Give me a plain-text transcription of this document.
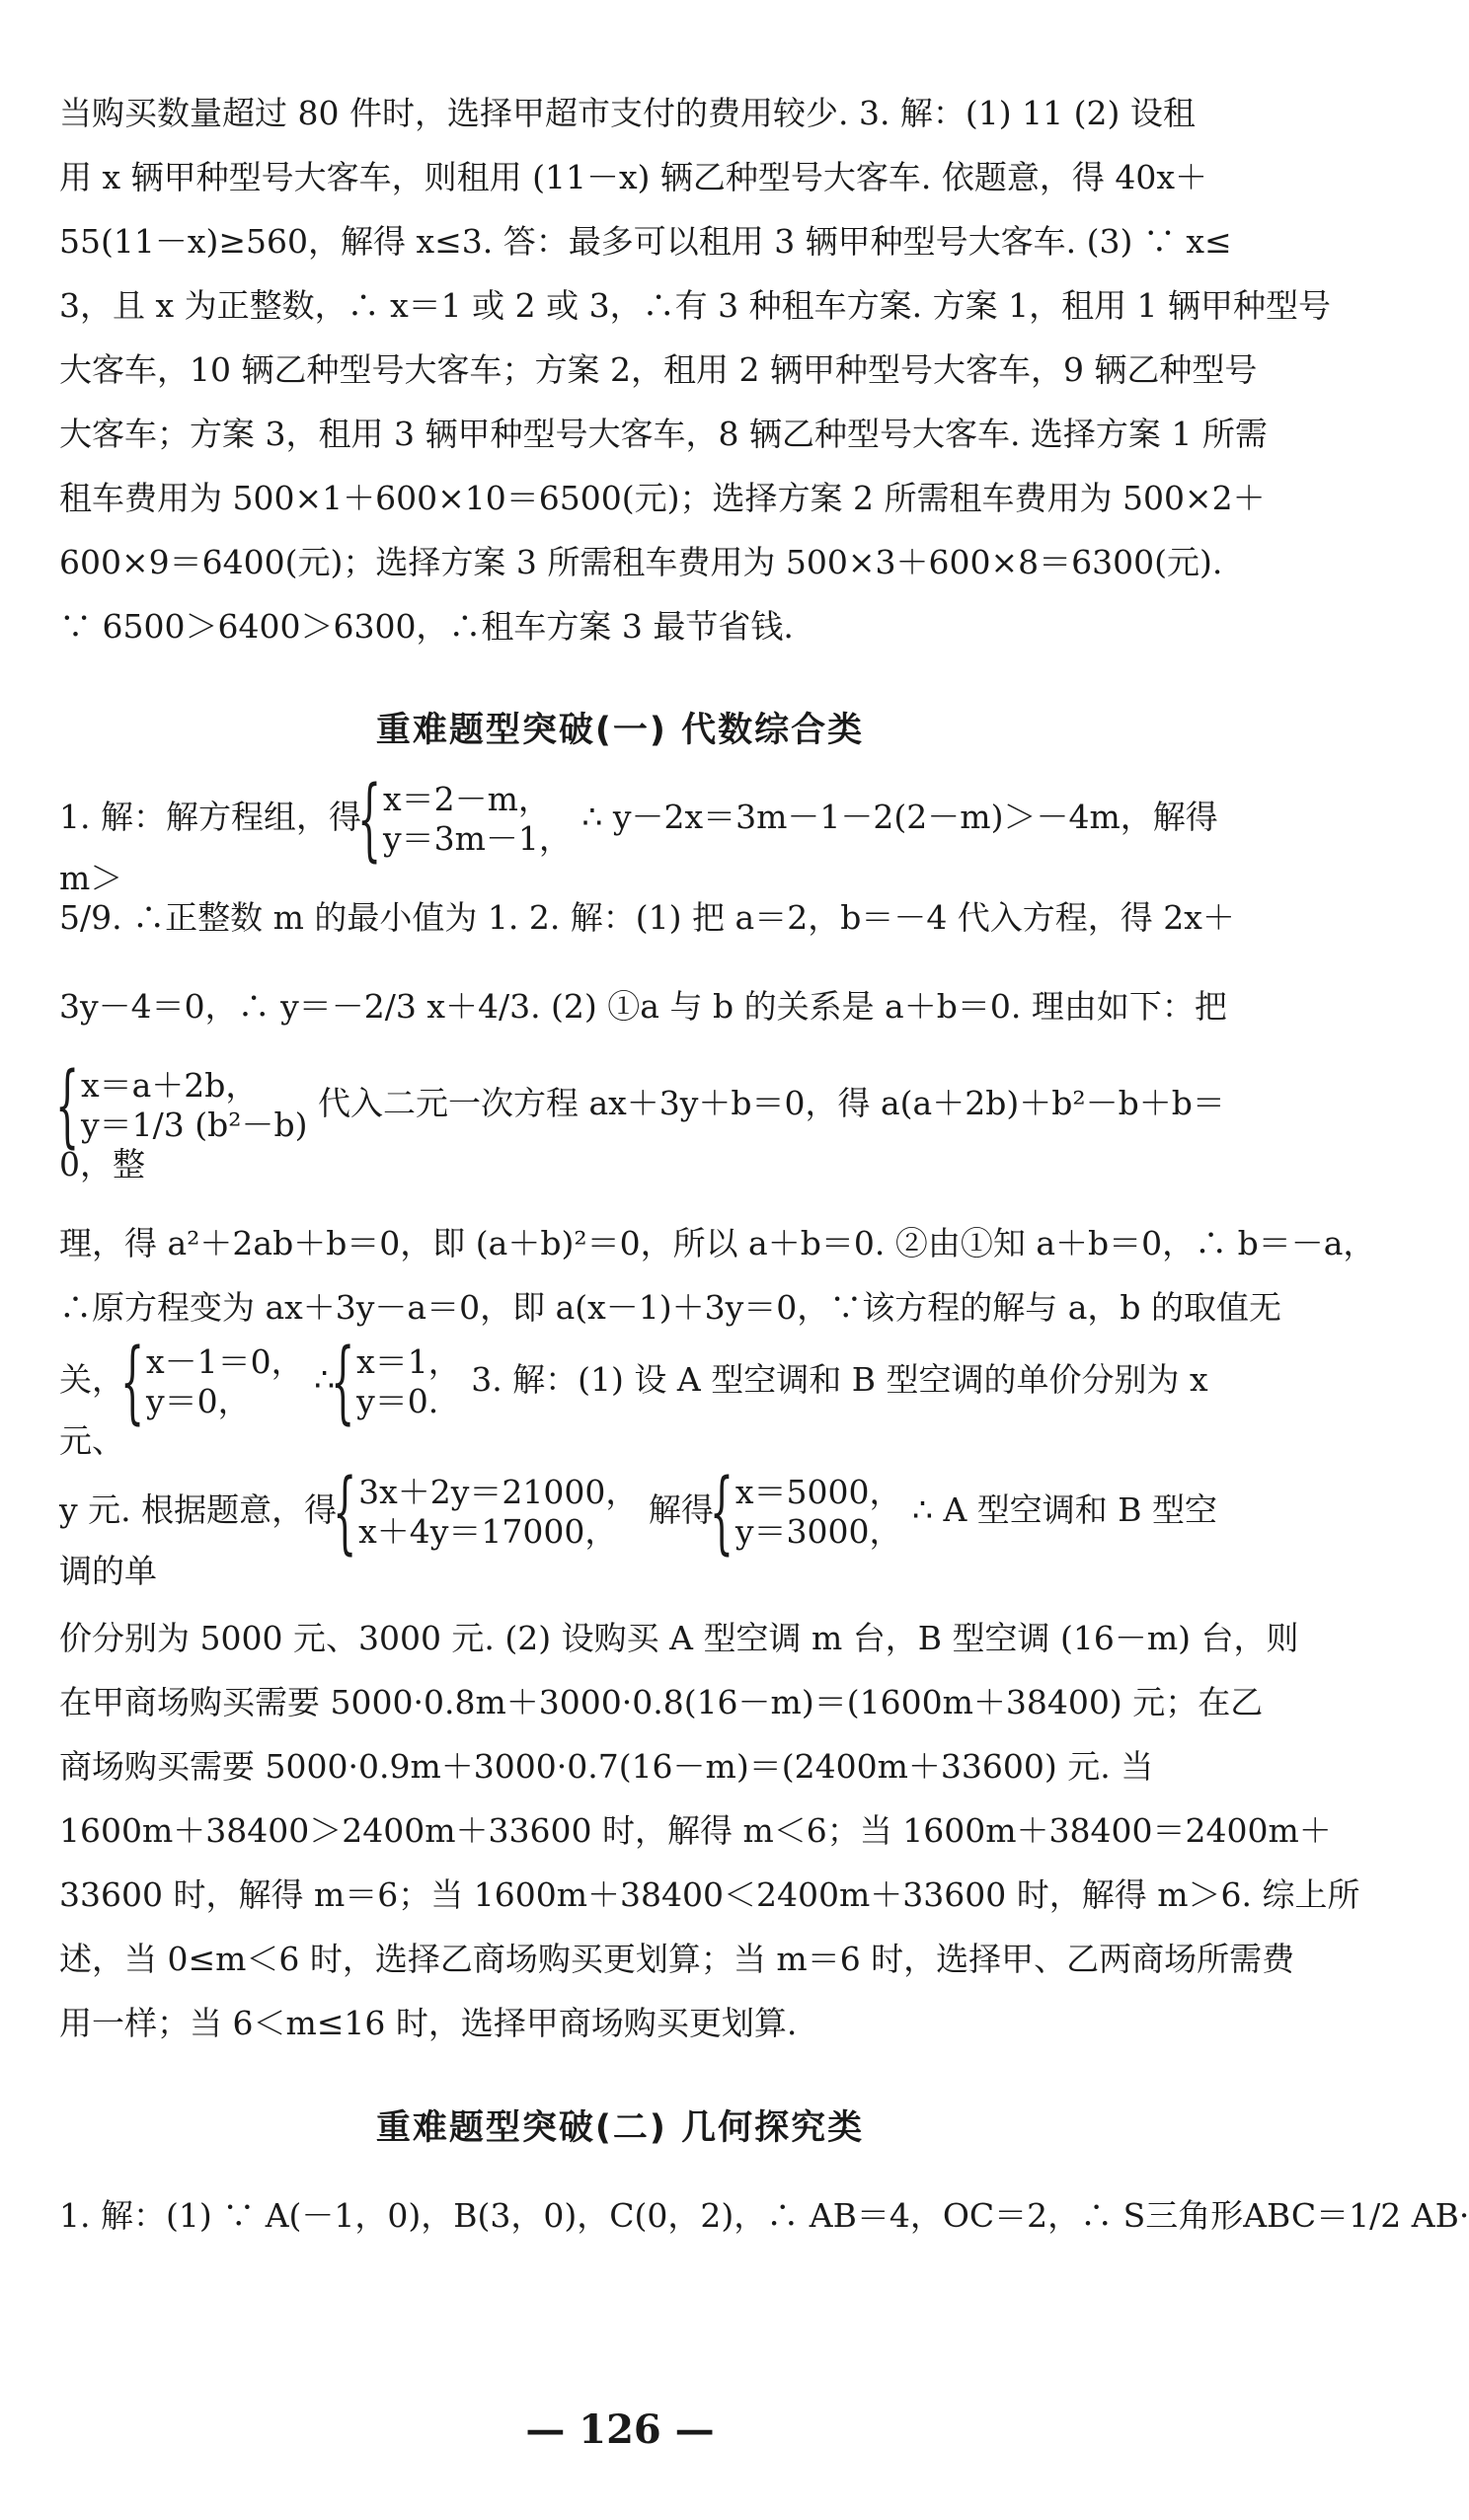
当购买数量超过 80 件时，选择甲超市支付的费用较少. 3. 解：(1) 11 (2) 设租
用 x 辆甲种型号大客车，则租用 (11－x) 辆乙种型号大客车. 依题意，得 40x＋
55(11－x)≥560，解得 x≤3. 答：最多可以租用 3 辆甲种型号大客车. (3) ∵ x≤
3，且 x 为正整数，∴ x＝1 或 2 或 3，∴有 3 种租车方案. 方案 1，租用 1 辆甲种型号
大客车，10 辆乙种型号大客车；方案 2，租用 2 辆甲种型号大客车，9 辆乙种型号
大客车；方案 3，租用 3 辆甲种型号大客车，8 辆乙种型号大客车. 选择方案 1 所需
租车费用为 500×1＋600×10＝6500(元)；选择方案 2 所需租车费用为 500×2＋
600×9＝6400(元)；选择方案 3 所需租车费用为 500×3＋600×8＝6300(元).
∵ 6500＞6400＞6300，∴租车方案 3 最节省钱.
重难题型突破(一) 代数综合类
1. 解：解方程组，得 { x＝2－m，
y＝3m－1，
∴ y－2x＝3m－1－2(2－m)＞－4m，解得 m＞
5/9. ∴正整数 m 的最小值为 1. 2. 解：(1) 把 a＝2，b＝－4 代入方程，得 2x＋
3y－4＝0，∴ y＝－2/3 x＋4/3. (2) ①a 与 b 的关系是 a＋b＝0. 理由如下：把
{ x＝a＋2b，
y＝1/3 (b²－b)
代入二元一次方程 ax＋3y＋b＝0，得 a(a＋2b)＋b²－b＋b＝0，整
理，得 a²＋2ab＋b＝0，即 (a＋b)²＝0，所以 a＋b＝0. ②由①知 a＋b＝0，∴ b＝－a，
∴原方程变为 ax＋3y－a＝0，即 a(x－1)＋3y＝0，∵该方程的解与 a，b 的取值无
关， { x－1＝0，
y＝0，
∴ { x＝1，
y＝0.
3. 解：(1) 设 A 型空调和 B 型空调的单价分别为 x 元、
y 元. 根据题意，得 { 3x＋2y＝21000，
x＋4y＝17000，
解得 { x＝5000，
y＝3000，
∴ A 型空调和 B 型空调的单
价分别为 5000 元、3000 元. (2) 设购买 A 型空调 m 台，B 型空调 (16－m) 台，则
在甲商场购买需要 5000·0.8m＋3000·0.8(16－m)＝(1600m＋38400) 元；在乙
商场购买需要 5000·0.9m＋3000·0.7(16－m)＝(2400m＋33600) 元. 当
1600m＋38400＞2400m＋33600 时，解得 m＜6；当 1600m＋38400＝2400m＋
33600 时，解得 m＝6；当 1600m＋38400＜2400m＋33600 时，解得 m＞6. 综上所
述，当 0≤m＜6 时，选择乙商场购买更划算；当 m＝6 时，选择甲、乙两商场所需费
用一样；当 6＜m≤16 时，选择甲商场购买更划算.
重难题型突破(二) 几何探究类
1. 解：(1) ∵ A(－1，0)，B(3，0)，C(0，2)，∴ AB＝4，OC＝2，∴ S三角形ABC＝1/2 AB·
— 126 —
